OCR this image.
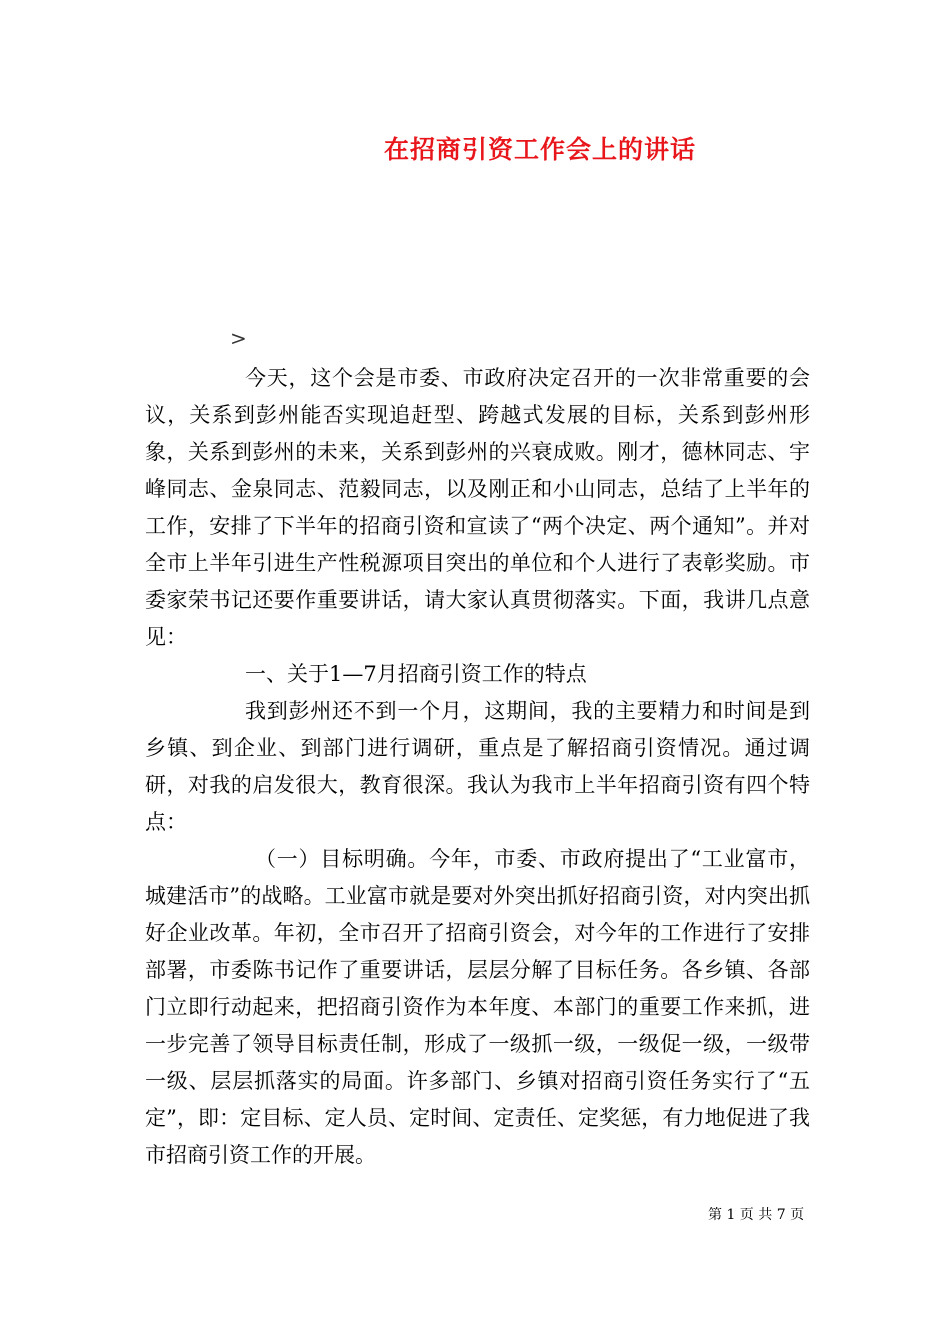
在招商引资工作会上的讲话
>

今天，这个会是市委、市政府决定召开的一次非常重要的会议，关系到彭州能否实现追赶型、跨越式发展的目标，关系到彭州形象，关系到彭州的未来，关系到彭州的兴衰成败。刚才，德林同志、宇峰同志、金泉同志、范毅同志，以及刚正和小山同志，总结了上半年的工作，安排了下半年的招商引资和宣读了“两个决定、两个通知”。并对全市上半年引进生产性税源项目突出的单位和个人进行了表彰奖励。市委家荣书记还要作重要讲话，请大家认真贯彻落实。下面，我讲几点意见：

一、关于1—7月招商引资工作的特点

我到彭州还不到一个月，这期间，我的主要精力和时间是到乡镇、到企业、到部门进行调研，重点是了解招商引资情况。通过调研，对我的启发很大，教育很深。我认为我市上半年招商引资有四个特点：

（一）目标明确。今年，市委、市政府提出了“工业富市，城建活市”的战略。工业富市就是要对外突出抓好招商引资，对内突出抓好企业改革。年初，全市召开了招商引资会，对今年的工作进行了安排部署，市委陈书记作了重要讲话，层层分解了目标任务。各乡镇、各部门立即行动起来，把招商引资作为本年度、本部门的重要工作来抓，进一步完善了领导目标责任制，形成了一级抓一级，一级促一级，一级带一级、层层抓落实的局面。许多部门、乡镇对招商引资任务实行了“五定”，即：定目标、定人员、定时间、定责任、定奖惩，有力地促进了我市招商引资工作的开展。

第 1 页 共 7 页
